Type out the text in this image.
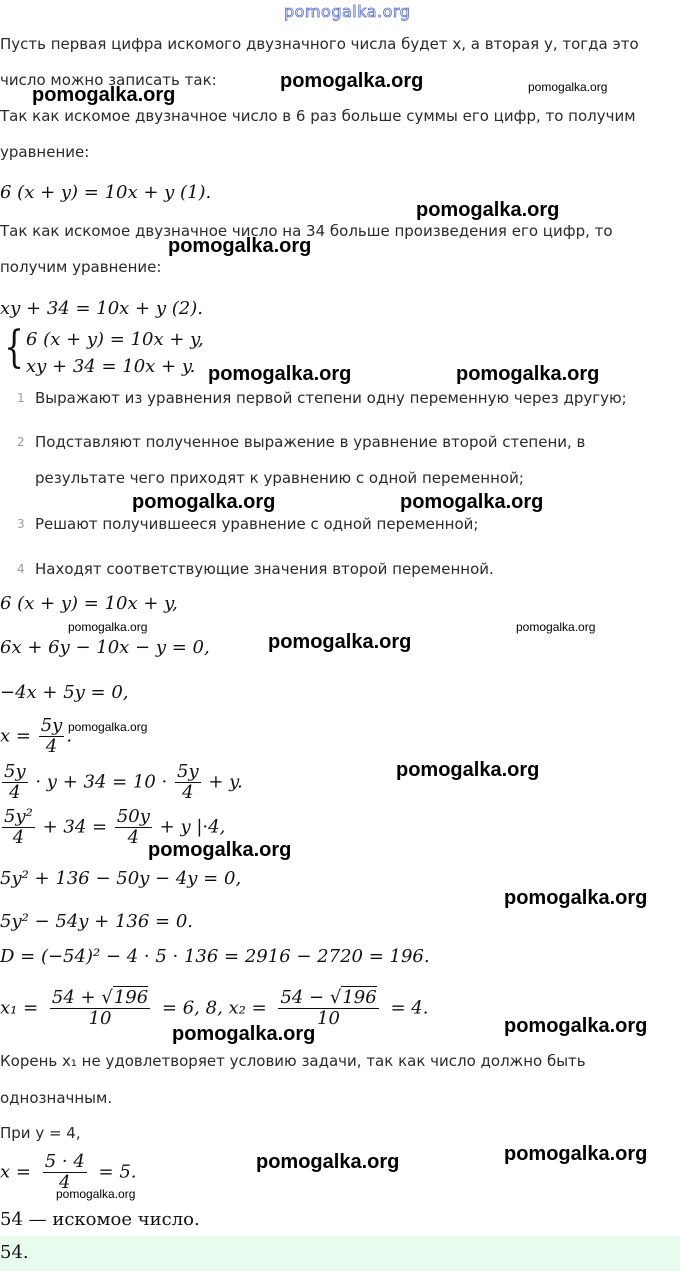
pomogalka.org
Пусть первая цифра искомого двузначного числа будет x, а вторая y, тогда это
число можно записать так:
Так как искомое двузначное число в 6 раз больше суммы его цифр, то получим
уравнение:
6 (x + y) = 10x + y (1).
Так как искомое двузначное число на 34 больше произведения его цифр, то
получим уравнение:
xy + 34 = 10x + y (2).
{ 6 (x + y) = 10x + y,
xy + 34 = 10x + y.
1 Выражают из уравнения первой степени одну переменную через другую;
2 Подставляют полученное выражение в уравнение второй степени, в
результате чего приходят к уравнению с одной переменной;
3 Решают получившееся уравнение с одной переменной;
4 Находят соответствующие значения второй переменной.
6 (x + y) = 10x + y,
6x + 6y − 10x − y = 0,
−4x + 5y = 0,
$x = \frac{5y}{4}$ .
$\frac{5y}{4} \cdot y + 34 = 10 \cdot \frac{5y}{4} + y$.
$\frac{\text{5y²}}{4} + 34 = \frac{50y}{4} + y$ |·4,
5y² + 136 − 50y − 4y = 0,
5y² − 54y + 136 = 0.
D = (−54)² − 4 · 5 · 136 = 2916 − 2720 = 196.
$x_1 = \frac{54 + √196}{10} = 6$, 8, $x_2 = \frac{54 - √196}{10} = 4$.
Корень x₁ не удовлетворяет условию задачи, так как число должно быть
однозначным.
При y = 4,
$x = \frac{5 \cdot 4}{4} = 5$.
54 — искомое число.
54.
pomogalka.org
pomogalka.org	pomogalka.org
pomogalka.org
pomogalka.org
pomogalka.org	pomogalka.org
pomogalka.org	pomogalka.org
pomogalka.org	pomogalka.org
pomogalka.org
pomogalka.org
pomogalka.org
pomogalka.org
pomogalka.org
pomogalka.org	pomogalka.org
pomogalka.org	pomogalka.org
pomogalka.org
